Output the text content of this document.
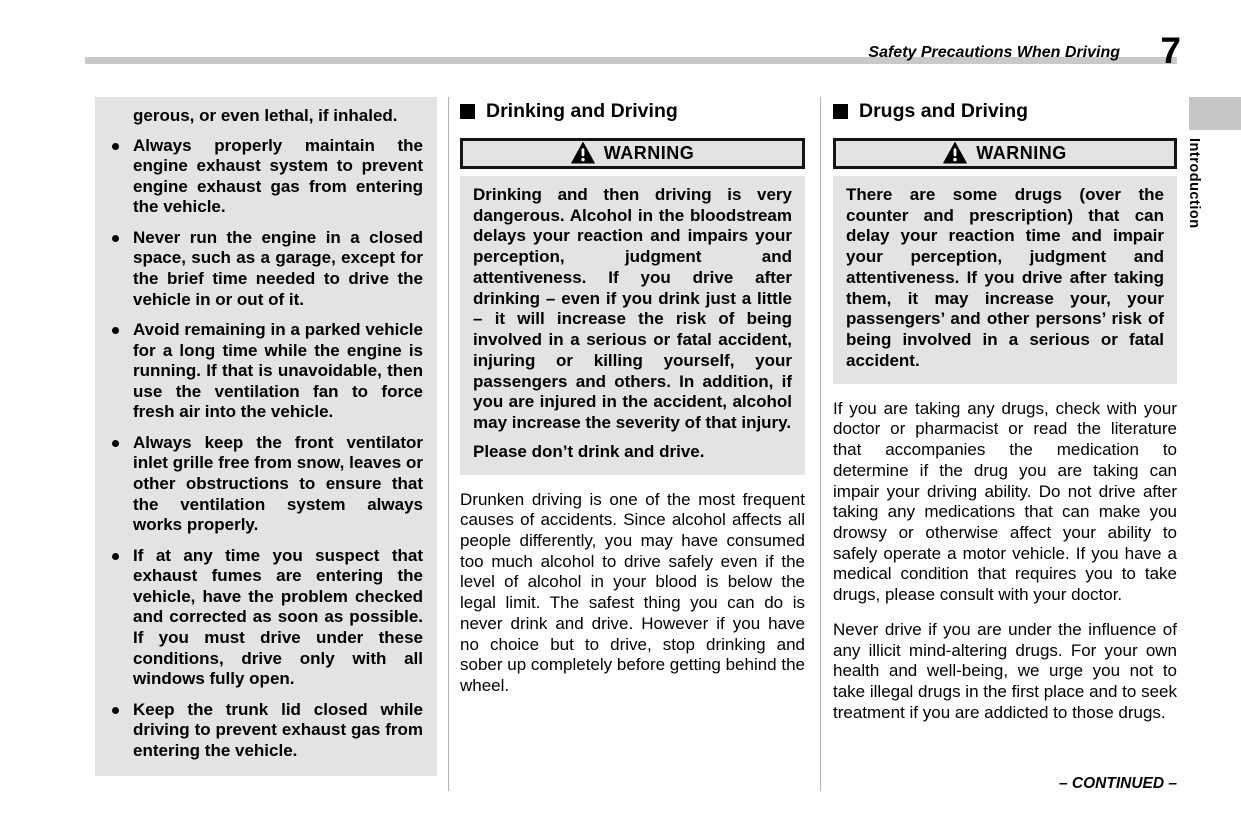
Safety Precautions When Driving 7
gerous, or even lethal, if inhaled.
Always properly maintain the engine exhaust system to prevent engine exhaust gas from entering the vehicle.
Never run the engine in a closed space, such as a garage, except for the brief time needed to drive the vehicle in or out of it.
Avoid remaining in a parked vehicle for a long time while the engine is running. If that is unavoidable, then use the ventilation fan to force fresh air into the vehicle.
Always keep the front ventilator inlet grille free from snow, leaves or other obstructions to ensure that the ventilation system always works properly.
If at any time you suspect that exhaust fumes are entering the vehicle, have the problem checked and corrected as soon as possible. If you must drive under these conditions, drive only with all windows fully open.
Keep the trunk lid closed while driving to prevent exhaust gas from entering the vehicle.
Drinking and Driving
WARNING

Drinking and then driving is very dangerous. Alcohol in the bloodstream delays your reaction and impairs your perception, judgment and attentiveness. If you drive after drinking – even if you drink just a little – it will increase the risk of being involved in a serious or fatal accident, injuring or killing yourself, your passengers and others. In addition, if you are injured in the accident, alcohol may increase the severity of that injury.

Please don’t drink and drive.

Drunken driving is one of the most frequent causes of accidents. Since alcohol affects all people differently, you may have consumed too much alcohol to drive safely even if the level of alcohol in your blood is below the legal limit. The safest thing you can do is never drink and drive. However if you have no choice but to drive, stop drinking and sober up completely before getting behind the wheel.

Drugs and Driving
WARNING

There are some drugs (over the counter and prescription) that can delay your reaction time and impair your perception, judgment and attentiveness. If you drive after taking them, it may increase your, your passengers’ and other persons’ risk of being involved in a serious or fatal accident.

If you are taking any drugs, check with your doctor or pharmacist or read the literature that accompanies the medication to determine if the drug you are taking can impair your driving ability. Do not drive after taking any medications that can make you drowsy or otherwise affect your ability to safely operate a motor vehicle. If you have a medical condition that requires you to take drugs, please consult with your doctor.

Never drive if you are under the influence of any illicit mind-altering drugs. For your own health and well-being, we urge you not to take illegal drugs in the first place and to seek treatment if you are addicted to those drugs.

Introduction
– CONTINUED –
